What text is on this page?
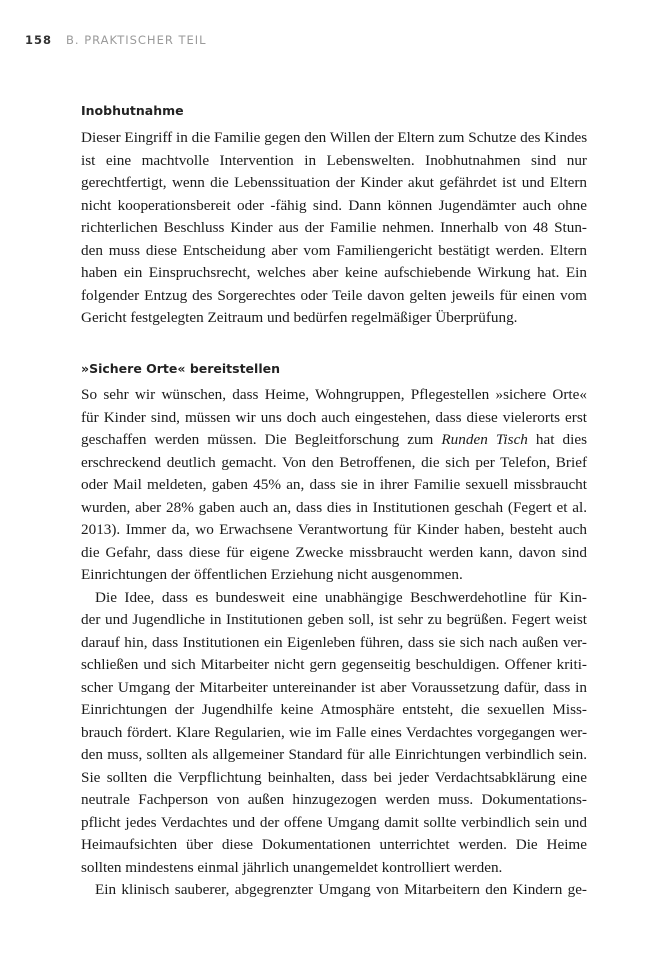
158 B. PRAKTISCHER TEIL
Inobhutnahme
Dieser Eingriff in die Familie gegen den Willen der Eltern zum Schutze des Kindes
ist eine machtvolle Intervention in Lebenswelten. Inobhutnahmen sind nur
gerechtfertigt, wenn die Lebenssituation der Kinder akut gefährdet ist und Eltern
nicht kooperationsbereit oder -fähig sind. Dann können Jugendämter auch ohne
richterlichen Beschluss Kinder aus der Familie nehmen. Innerhalb von 48 Stun-
den muss diese Entscheidung aber vom Familiengericht bestätigt werden. Eltern
haben ein Einspruchsrecht, welches aber keine aufschiebende Wirkung hat. Ein
folgender Entzug des Sorgerechtes oder Teile davon gelten jeweils für einen vom
Gericht festgelegten Zeitraum und bedürfen regelmäßiger Überprüfung.
»Sichere Orte« bereitstellen
So sehr wir wünschen, dass Heime, Wohngruppen, Pflegestellen »sichere Orte«
für Kinder sind, müssen wir uns doch auch eingestehen, dass diese vielerorts erst
geschaffen werden müssen. Die Begleitforschung zum Runden Tisch hat dies
erschreckend deutlich gemacht. Von den Betroffenen, die sich per Telefon, Brief
oder Mail meldeten, gaben 45% an, dass sie in ihrer Familie sexuell missbraucht
wurden, aber 28% gaben auch an, dass dies in Institutionen geschah (Fegert et al.
2013). Immer da, wo Erwachsene Verantwortung für Kinder haben, besteht auch
die Gefahr, dass diese für eigene Zwecke missbraucht werden kann, davon sind
Einrichtungen der öffentlichen Erziehung nicht ausgenommen.
Die Idee, dass es bundesweit eine unabhängige Beschwerdehotline für Kin-
der und Jugendliche in Institutionen geben soll, ist sehr zu begrüßen. Fegert weist
darauf hin, dass Institutionen ein Eigenleben führen, dass sie sich nach außen ver-
schließen und sich Mitarbeiter nicht gern gegenseitig beschuldigen. Offener kriti-
scher Umgang der Mitarbeiter untereinander ist aber Voraussetzung dafür, dass in
Einrichtungen der Jugendhilfe keine Atmosphäre entsteht, die sexuellen Miss-
brauch fördert. Klare Regularien, wie im Falle eines Verdachtes vorgegangen wer-
den muss, sollten als allgemeiner Standard für alle Einrichtungen verbindlich sein.
Sie sollten die Verpflichtung beinhalten, dass bei jeder Verdachtsabklärung eine
neutrale Fachperson von außen hinzugezogen werden muss. Dokumentations-
pflicht jedes Verdachtes und der offene Umgang damit sollte verbindlich sein und
Heimaufsichten über diese Dokumentationen unterrichtet werden. Die Heime
sollten mindestens einmal jährlich unangemeldet kontrolliert werden.
Ein klinisch sauberer, abgegrenzter Umgang von Mitarbeitern den Kindern ge-
